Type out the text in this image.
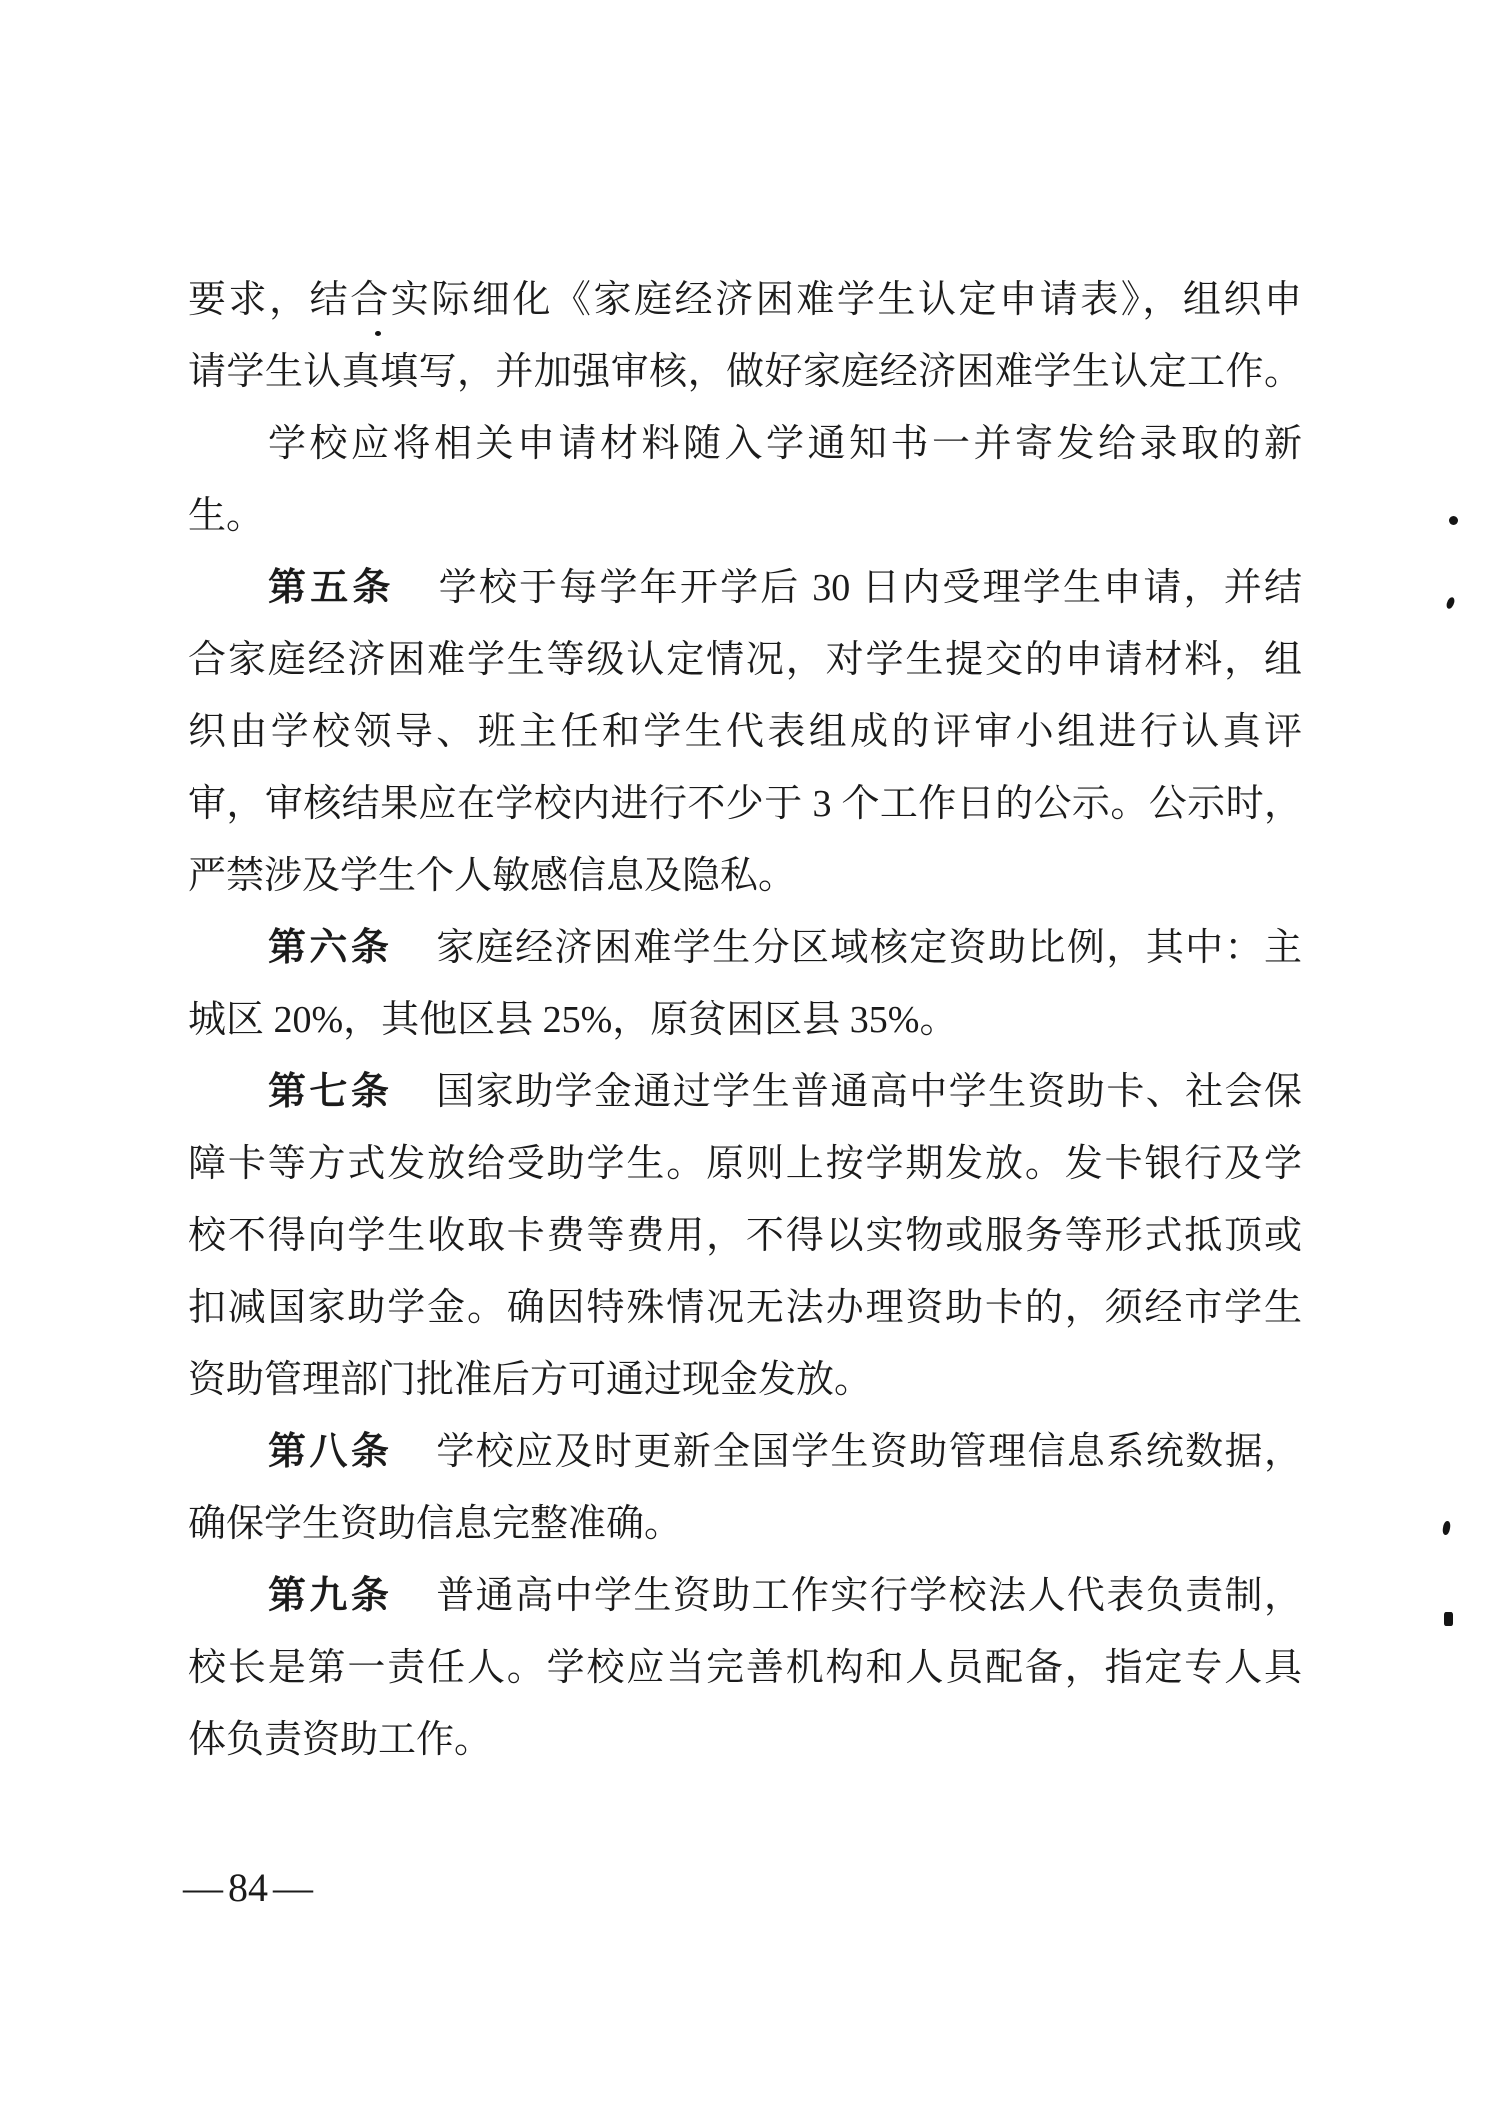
要求，结合实际细化《家庭经济困难学生认定申请表》，组织申
请学生认真填写，并加强审核，做好家庭经济困难学生认定工作。
学校应将相关申请材料随入学通知书一并寄发给录取的新
生。
第五条 学校于每学年开学后 30 日内受理学生申请，并结
合家庭经济困难学生等级认定情况，对学生提交的申请材料，组
织由学校领导、班主任和学生代表组成的评审小组进行认真评
审，审核结果应在学校内进行不少于 3 个工作日的公示。公示时，
严禁涉及学生个人敏感信息及隐私。
第六条 家庭经济困难学生分区域核定资助比例，其中：主
城区 20%，其他区县 25%，原贫困区县 35%。
第七条 国家助学金通过学生普通高中学生资助卡、社会保
障卡等方式发放给受助学生。原则上按学期发放。发卡银行及学
校不得向学生收取卡费等费用，不得以实物或服务等形式抵顶或
扣减国家助学金。确因特殊情况无法办理资助卡的，须经市学生
资助管理部门批准后方可通过现金发放。
第八条 学校应及时更新全国学生资助管理信息系统数据，
确保学生资助信息完整准确。
第九条 普通高中学生资助工作实行学校法人代表负责制，
校长是第一责任人。学校应当完善机构和人员配备，指定专人具
体负责资助工作。
— 84 —
